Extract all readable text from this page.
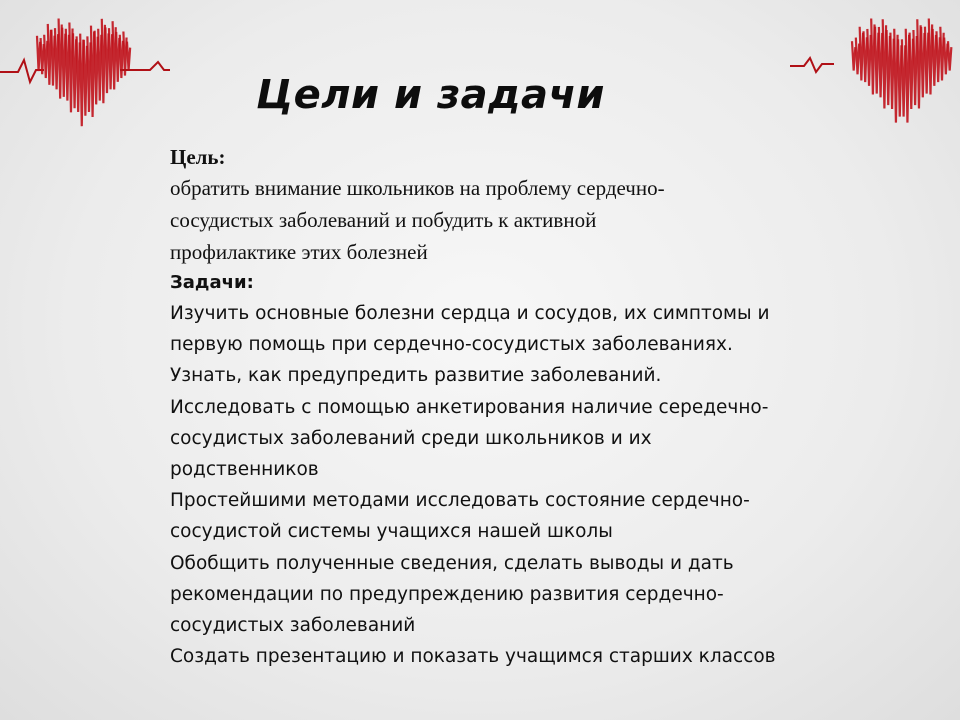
Цели и задачи
Цель:
обратить внимание школьников на проблему сердечно-
сосудистых заболеваний и побудить к активной
профилактике этих болезней
Задачи:
Изучить основные болезни сердца и сосудов, их симптомы и
первую помощь при сердечно-сосудистых заболеваниях.
Узнать, как предупредить развитие заболеваний.
Исследовать с помощью анкетирования наличие середечно-
сосудистых заболеваний среди школьников и их
родственников
Простейшими методами исследовать состояние сердечно-
сосудистой системы учащихся нашей школы
Обобщить полученные сведения, сделать выводы и дать
рекомендации по предупреждению развития сердечно-
сосудистых заболеваний
Создать презентацию и показать учащимся старших классов
